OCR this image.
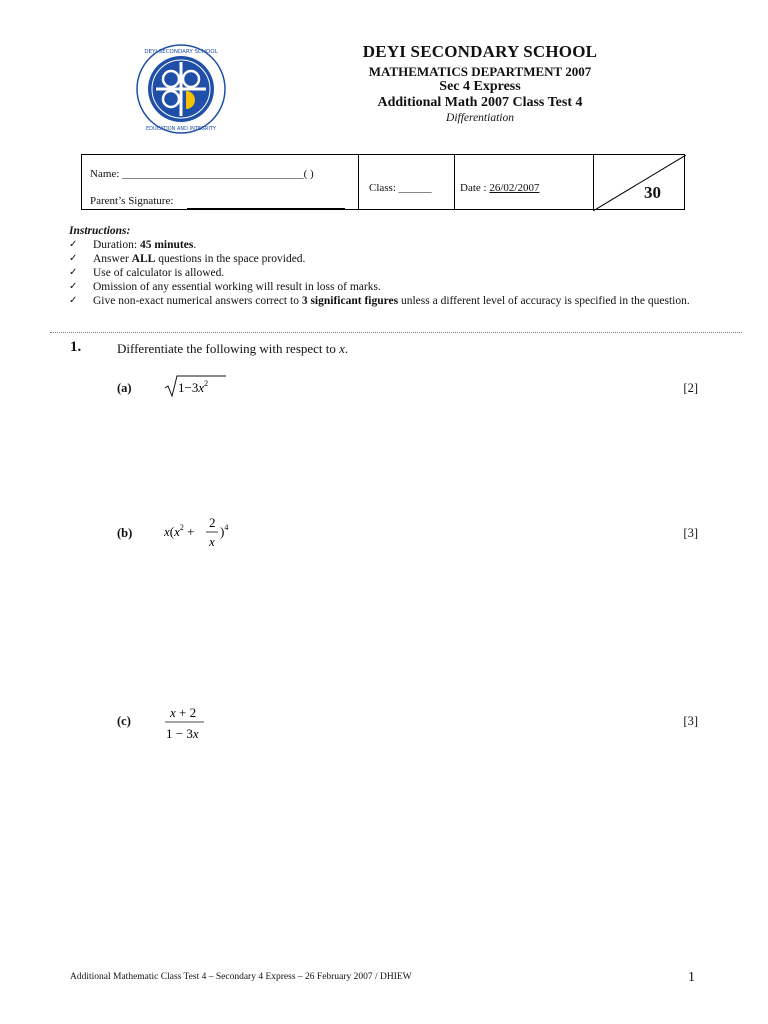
DEYI SECONDARY SCHOOL
EDUCATION AND INTEGRITY
DEYI SECONDARY SCHOOL
MATHEMATICS DEPARTMENT 2007
Sec 4 Express
Additional Math 2007 Class Test 4
Differentiation
Name: _________________________________( )
Parent’s Signature:
Class: ______	Date : 26/02/2007	30
Instructions:
✓	Duration: 45 minutes.
✓	Answer ALL questions in the space provided.
✓	Use of calculator is allowed.
✓	Omission of any essential working will result in loss of marks.
✓	Give non-exact numerical answers correct to 3 significant figures unless a different level of accuracy is specified in the question.
1.	Differentiate the following with respect to x.
(a)	$1-3x^2$	[2]
(b) $x(x^2$ +
2
x
)$^4$	[3]
(c)
x + 2
1 − 3x
[3]
Additional Mathematic Class Test 4 – Secondary 4 Express – 26 February 2007 / DHIEW	1
